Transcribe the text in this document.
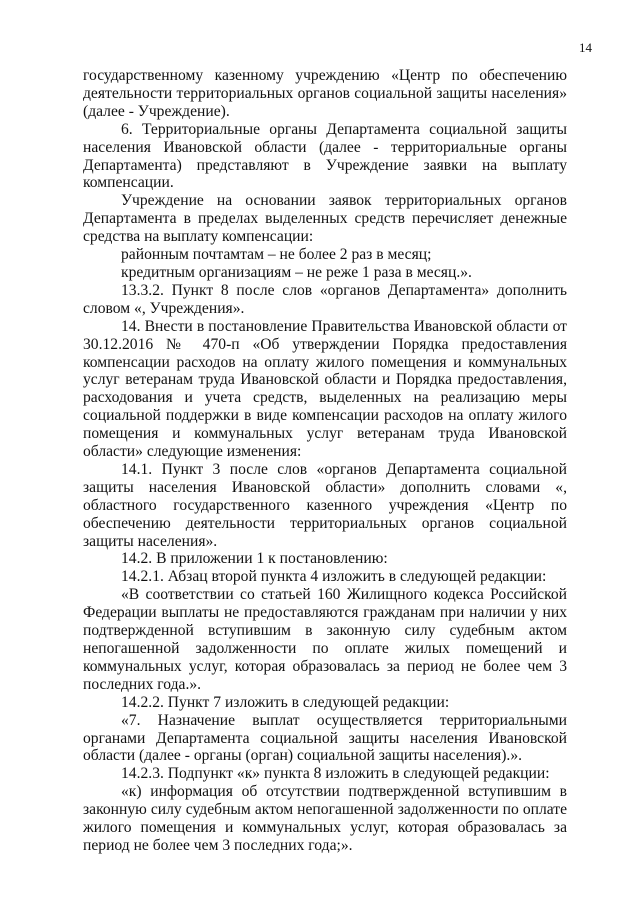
14

государственному казенному учреждению «Центр по обеспечению деятельности территориальных органов социальной защиты населения» (далее - Учреждение).

6. Территориальные органы Департамента социальной защиты населения Ивановской области (далее - территориальные органы Департамента) представляют в Учреждение заявки на выплату компенсации.

Учреждение на основании заявок территориальных органов Департамента в пределах выделенных средств перечисляет денежные средства на выплату компенсации:

районным почтамтам – не более 2 раз в месяц;

кредитным организациям – не реже 1 раза в месяц.».

13.3.2. Пункт 8 после слов «органов Департамента» дополнить словом «, Учреждения».

14. Внести в постановление Правительства Ивановской области от 30.12.2016 № 470-п «Об утверждении Порядка предоставления компенсации расходов на оплату жилого помещения и коммунальных услуг ветеранам труда Ивановской области и Порядка предоставления, расходования и учета средств, выделенных на реализацию меры социальной поддержки в виде компенсации расходов на оплату жилого помещения и коммунальных услуг ветеранам труда Ивановской области» следующие изменения:

14.1. Пункт 3 после слов «органов Департамента социальной защиты населения Ивановской области» дополнить словами «, областного государственного казенного учреждения «Центр по обеспечению деятельности территориальных органов социальной защиты населения».

14.2. В приложении 1 к постановлению:

14.2.1. Абзац второй пункта 4 изложить в следующей редакции:

«В соответствии со статьей 160 Жилищного кодекса Российской Федерации выплаты не предоставляются гражданам при наличии у них подтвержденной вступившим в законную силу судебным актом непогашенной задолженности по оплате жилых помещений и коммунальных услуг, которая образовалась за период не более чем 3 последних года.».

14.2.2. Пункт 7 изложить в следующей редакции:

«7. Назначение выплат осуществляется территориальными органами Департамента социальной защиты населения Ивановской области (далее - органы (орган) социальной защиты населения).».

14.2.3. Подпункт «к» пункта 8 изложить в следующей редакции:

«к) информация об отсутствии подтвержденной вступившим в законную силу судебным актом непогашенной задолженности по оплате жилого помещения и коммунальных услуг, которая образовалась за период не более чем 3 последних года;».
